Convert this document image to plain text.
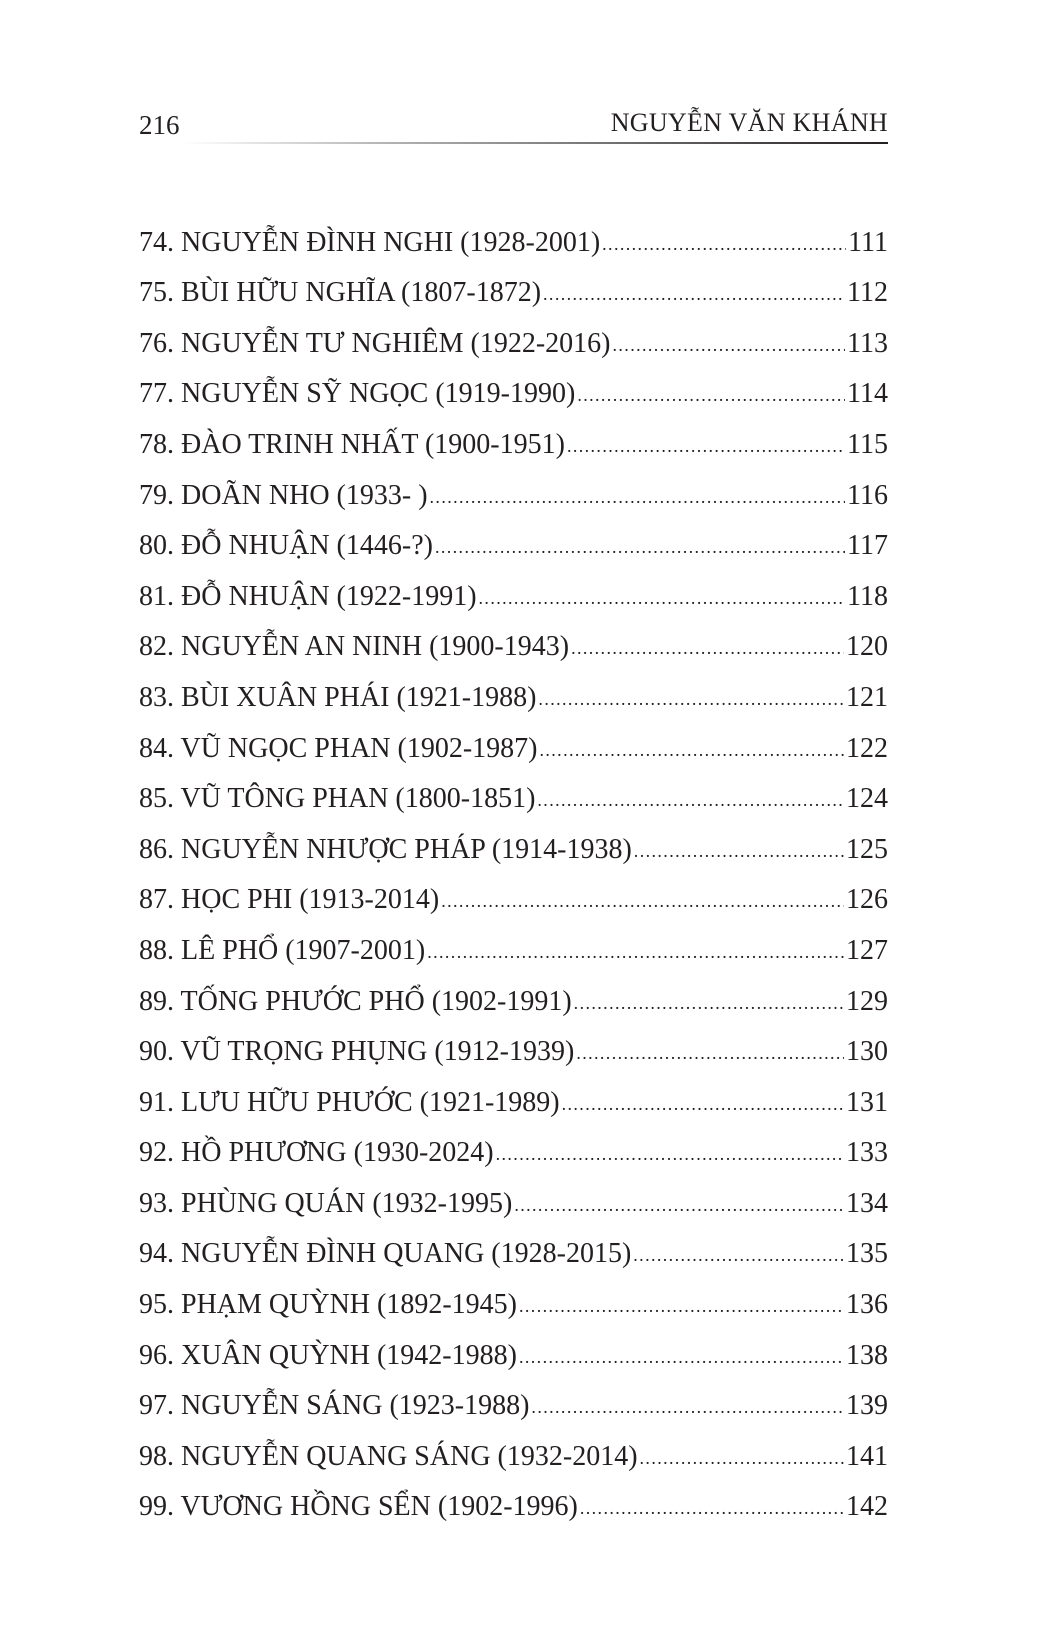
216	NGUYỄN VĂN KHÁNH
74. NGUYỄN ĐÌNH NGHI (1928-2001) .....	111
75. BÙI HỮU NGHĨA (1807-1872) .....	112
76. NGUYỄN TƯ NGHIÊM (1922-2016) .....	113
77. NGUYỄN SỸ NGỌC (1919-1990) .....	114
78. ĐÀO TRINH NHẤT (1900-1951) .....	115
79. DOÃN NHO (1933- ) .....	116
80. ĐỖ NHUẬN (1446-?) .....	117
81. ĐỖ NHUẬN (1922-1991) .....	118
82. NGUYỄN AN NINH (1900-1943) .....	120
83. BÙI XUÂN PHÁI (1921-1988) .....	121
84. VŨ NGỌC PHAN (1902-1987) .....	122
85. VŨ TÔNG PHAN (1800-1851) .....	124
86. NGUYỄN NHƯỢC PHÁP (1914-1938) .....	125
87. HỌC PHI (1913-2014) .....	126
88. LÊ PHỔ (1907-2001) .....	127
89. TỐNG PHƯỚC PHỔ (1902-1991) .....	129
90. VŨ TRỌNG PHỤNG (1912-1939) .....	130
91. LƯU HỮU PHƯỚC (1921-1989) .....	131
92. HỒ PHƯƠNG (1930-2024) .....	133
93. PHÙNG QUÁN (1932-1995) .....	134
94. NGUYỄN ĐÌNH QUANG (1928-2015) .....	135
95. PHẠM QUỲNH (1892-1945) .....	136
96. XUÂN QUỲNH (1942-1988) .....	138
97. NGUYỄN SÁNG (1923-1988) .....	139
98. NGUYỄN QUANG SÁNG (1932-2014) .....	141
99. VƯƠNG HỒNG SỂN (1902-1996) .....	142
